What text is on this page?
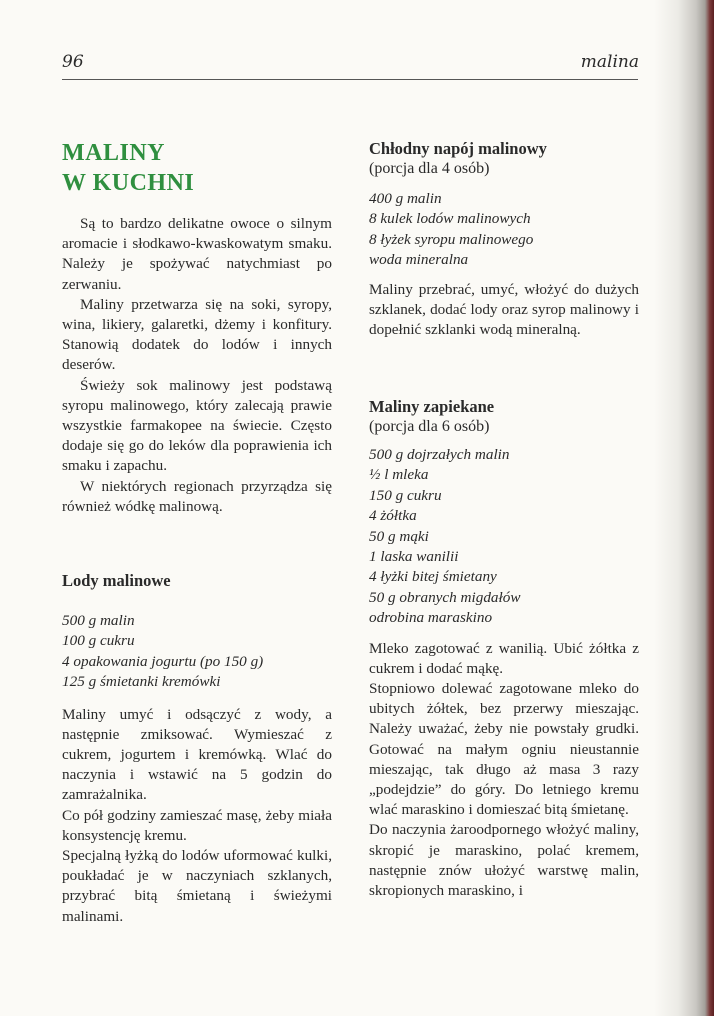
96	malina
MALINY
W KUCHNI

Są to bardzo delikatne owoce o silnym aromacie i słodkawo-kwaskowatym smaku. Należy je spożywać natychmiast po zerwaniu.

Maliny przetwarza się na soki, syropy, wina, likiery, galaretki, dżemy i konfitury. Stanowią dodatek do lodów i innych deserów.

Świeży sok malinowy jest podstawą syropu malinowego, który zalecają prawie wszystkie farmakopee na świecie. Często dodaje się go do leków dla poprawienia ich smaku i zapachu.

W niektórych regionach przyrządza się również wódkę malinową.

Lody malinowe
500 g malin
100 g cukru
4 opakowania jogurtu (po 150 g)
125 g śmietanki kremówki

Maliny umyć i odsączyć z wody, a następnie zmiksować. Wymieszać z cukrem, jogurtem i kremówką. Wlać do naczynia i wstawić na 5 godzin do zamrażalnika.

Co pół godziny zamieszać masę, żeby miała konsystencję kremu.

Specjalną łyżką do lodów uformować kulki, poukładać je w naczyniach szklanych, przybrać bitą śmietaną i świeżymi malinami.

Chłodny napój malinowy
(porcja dla 4 osób)
400 g malin
8 kulek lodów malinowych
8 łyżek syropu malinowego
woda mineralna

Maliny przebrać, umyć, włożyć do dużych szklanek, dodać lody oraz syrop malinowy i dopełnić szklanki wodą mineralną.

Maliny zapiekane
(porcja dla 6 osób)
500 g dojrzałych malin
½ l mleka
150 g cukru
4 żółtka
50 g mąki
1 laska wanilii
4 łyżki bitej śmietany
50 g obranych migdałów
odrobina maraskino

Mleko zagotować z wanilią. Ubić żółtka z cukrem i dodać mąkę.

Stopniowo dolewać zagotowane mleko do ubitych żółtek, bez przerwy mieszając. Należy uważać, żeby nie powstały grudki. Gotować na małym ogniu nieustannie mieszając, tak długo aż masa 3 razy „podejdzie” do góry. Do letniego kremu wlać maraskino i domieszać bitą śmietanę.

Do naczynia żaroodpornego włożyć maliny, skropić je maraskino, polać kremem, następnie znów ułożyć warstwę malin, skropionych maraskino, i
